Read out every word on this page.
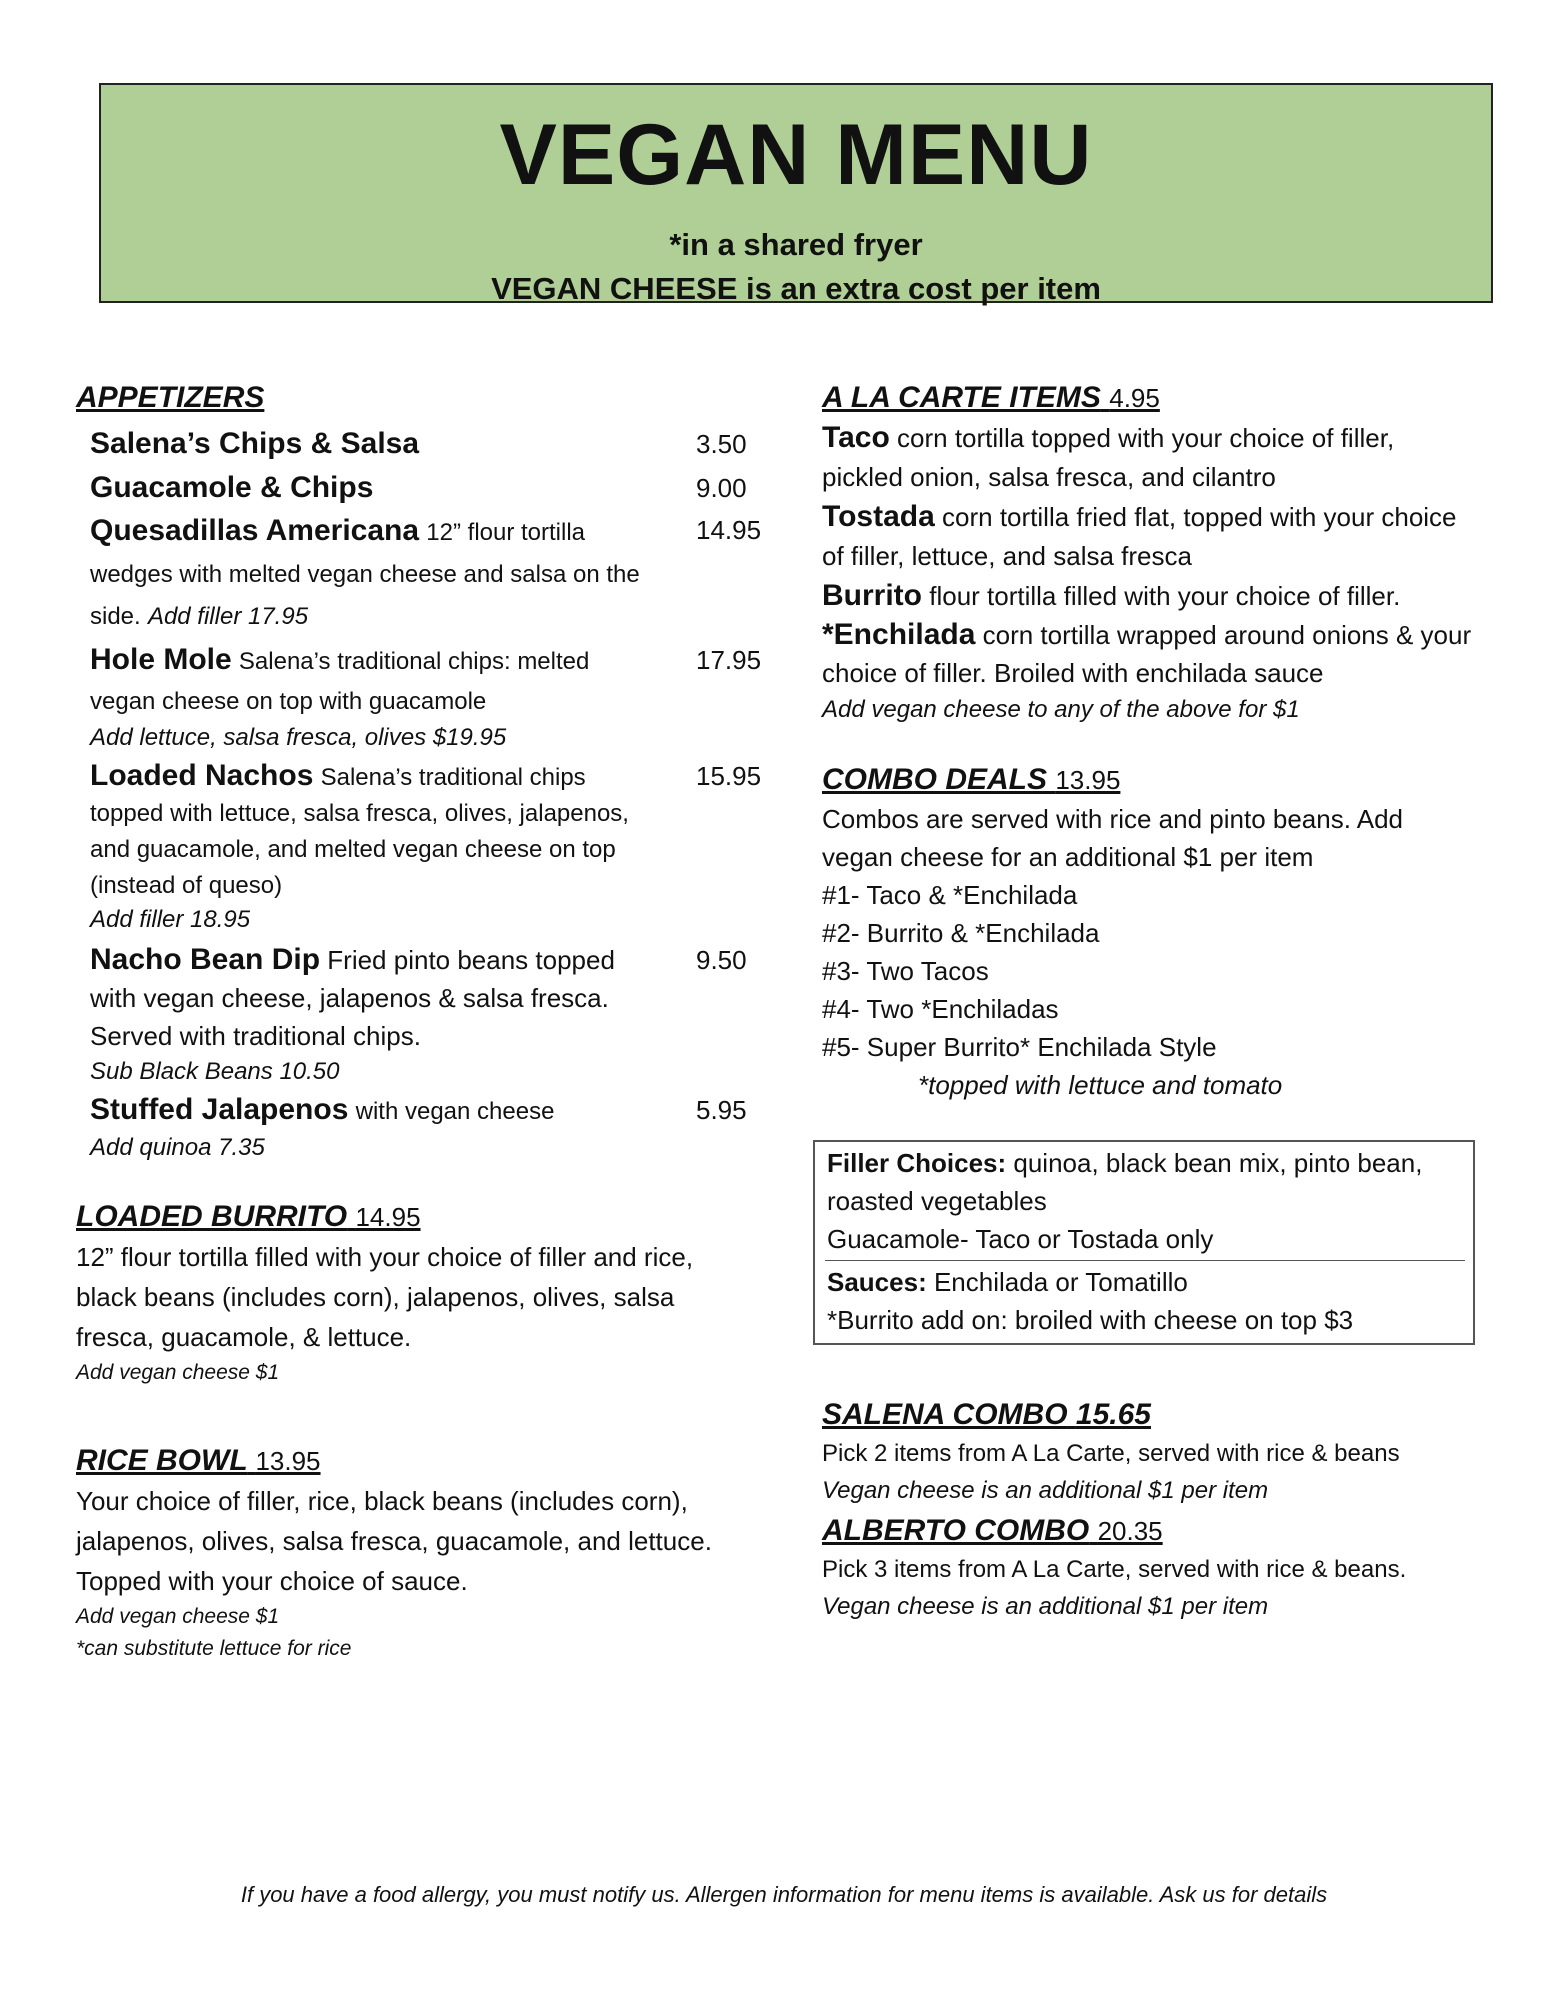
VEGAN MENU
*in a shared fryer
VEGAN CHEESE is an extra cost per item
APPETIZERS
Salena’s Chips & Salsa	3.50
Guacamole & Chips	9.00
Quesadillas Americana 12” flour tortilla wedges with melted vegan cheese and salsa on the side. Add filler 17.95
14.95
Hole Mole Salena’s traditional chips: melted vegan cheese on top with guacamole
Add lettuce, salsa fresca, olives $19.95
17.95
Loaded Nachos Salena’s traditional chips topped with lettuce, salsa fresca, olives, jalapenos, and guacamole, and melted vegan cheese on top (instead of queso)
Add filler 18.95
15.95
Nacho Bean Dip Fried pinto beans topped with vegan cheese, jalapenos & salsa fresca. Served with traditional chips.
Sub Black Beans 10.50
9.50
Stuffed Jalapenos with vegan cheese
Add quinoa 7.35
5.95
LOADED BURRITO 14.95
12” flour tortilla filled with your choice of filler and rice, black beans (includes corn), jalapenos, olives, salsa fresca, guacamole, & lettuce.
Add vegan cheese $1
RICE BOWL 13.95
Your choice of filler, rice, black beans (includes corn), jalapenos, olives, salsa fresca, guacamole, and lettuce. Topped with your choice of sauce.
Add vegan cheese $1
*can substitute lettuce for rice
A LA CARTE ITEMS 4.95
Taco corn tortilla topped with your choice of filler, pickled onion, salsa fresca, and cilantro
Tostada corn tortilla fried flat, topped with your choice of filler, lettuce, and salsa fresca
Burrito flour tortilla filled with your choice of filler.
*Enchilada corn tortilla wrapped around onions & your choice of filler. Broiled with enchilada sauce
Add vegan cheese to any of the above for $1
COMBO DEALS 13.95
Combos are served with rice and pinto beans. Add vegan cheese for an additional $1 per item
#1- Taco & *Enchilada
#2- Burrito & *Enchilada
#3- Two Tacos
#4- Two *Enchiladas
#5- Super Burrito* Enchilada Style
*topped with lettuce and tomato
Filler Choices: quinoa, black bean mix, pinto bean, roasted vegetables
Guacamole- Taco or Tostada only
Sauces: Enchilada or Tomatillo
*Burrito add on: broiled with cheese on top $3
SALENA COMBO 15.65
Pick 2 items from A La Carte, served with rice & beans
Vegan cheese is an additional $1 per item
ALBERTO COMBO 20.35
Pick 3 items from A La Carte, served with rice & beans.
Vegan cheese is an additional $1 per item
If you have a food allergy, you must notify us. Allergen information for menu items is available. Ask us for details
